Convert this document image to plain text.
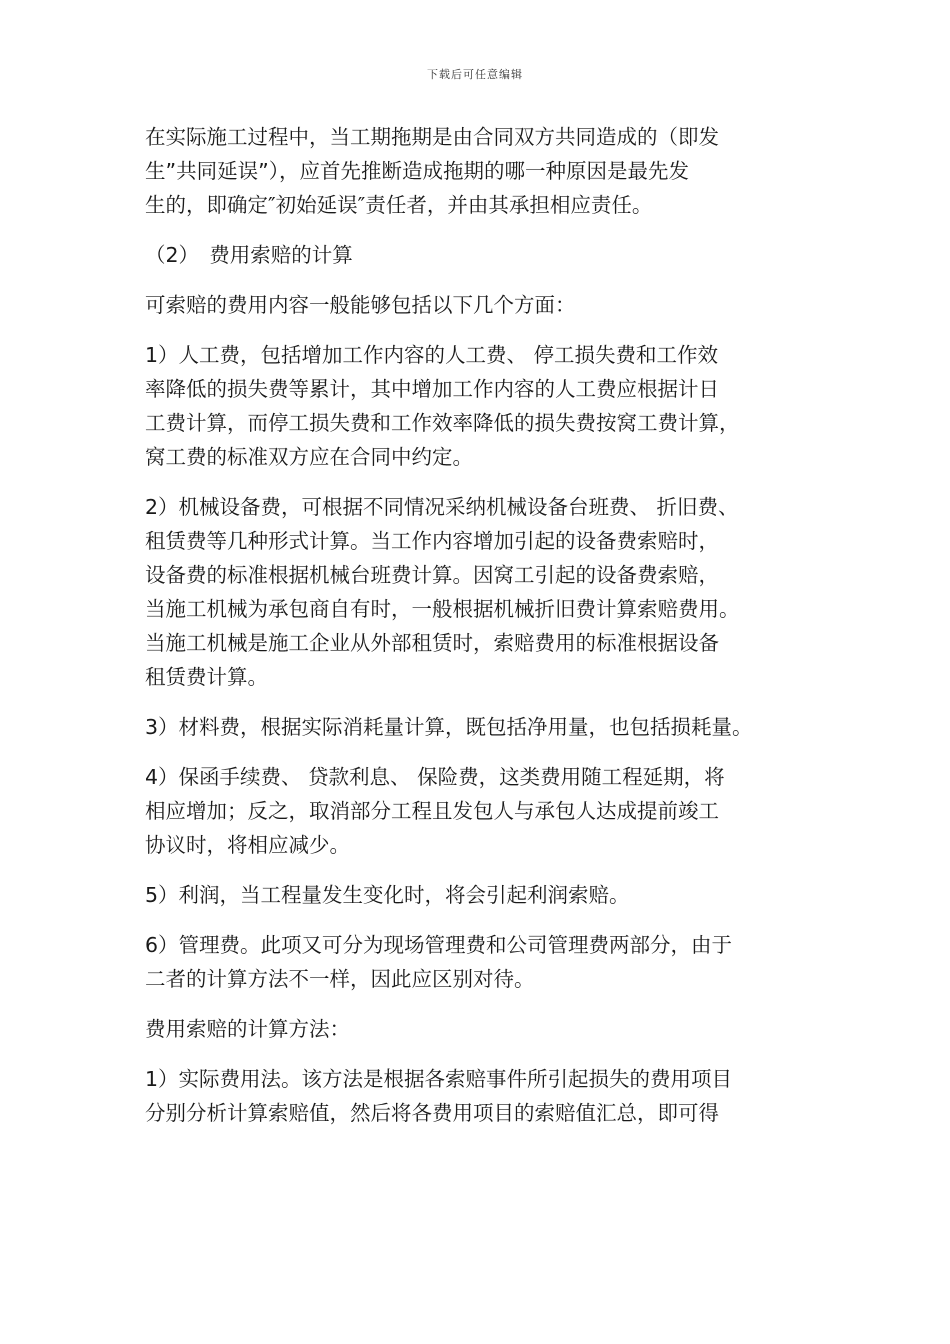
下载后可任意编辑
在实际施工过程中，当工期拖期是由合同双方共同造成的（即发
生”共同延误”），应首先推断造成拖期的哪一种原因是最先发
生的，即确定″初始延误″责任者，并由其承担相应责任。
（2）　费用索赔的计算
可索赔的费用内容一般能够包括以下几个方面：
1）人工费，包括增加工作内容的人工费、 停工损失费和工作效
率降低的损失费等累计，其中增加工作内容的人工费应根据计日
工费计算，而停工损失费和工作效率降低的损失费按窝工费计算，
窝工费的标准双方应在合同中约定。
2）机械设备费，可根据不同情况采纳机械设备台班费、 折旧费、
租赁费等几种形式计算。当工作内容增加引起的设备费索赔时，
设备费的标准根据机械台班费计算。因窝工引起的设备费索赔，
当施工机械为承包商自有时，一般根据机械折旧费计算索赔费用。
当施工机械是施工企业从外部租赁时，索赔费用的标准根据设备
租赁费计算。
3）材料费，根据实际消耗量计算，既包括净用量，也包括损耗量。
4）保函手续费、 贷款利息、 保险费，这类费用随工程延期，将
相应增加；反之，取消部分工程且发包人与承包人达成提前竣工
协议时，将相应减少。
5）利润，当工程量发生变化时，将会引起利润索赔。
6）管理费。此项又可分为现场管理费和公司管理费两部分，由于
二者的计算方法不一样，因此应区别对待。
费用索赔的计算方法：
1）实际费用法。该方法是根据各索赔事件所引起损失的费用项目
分别分析计算索赔值，然后将各费用项目的索赔值汇总，即可得
